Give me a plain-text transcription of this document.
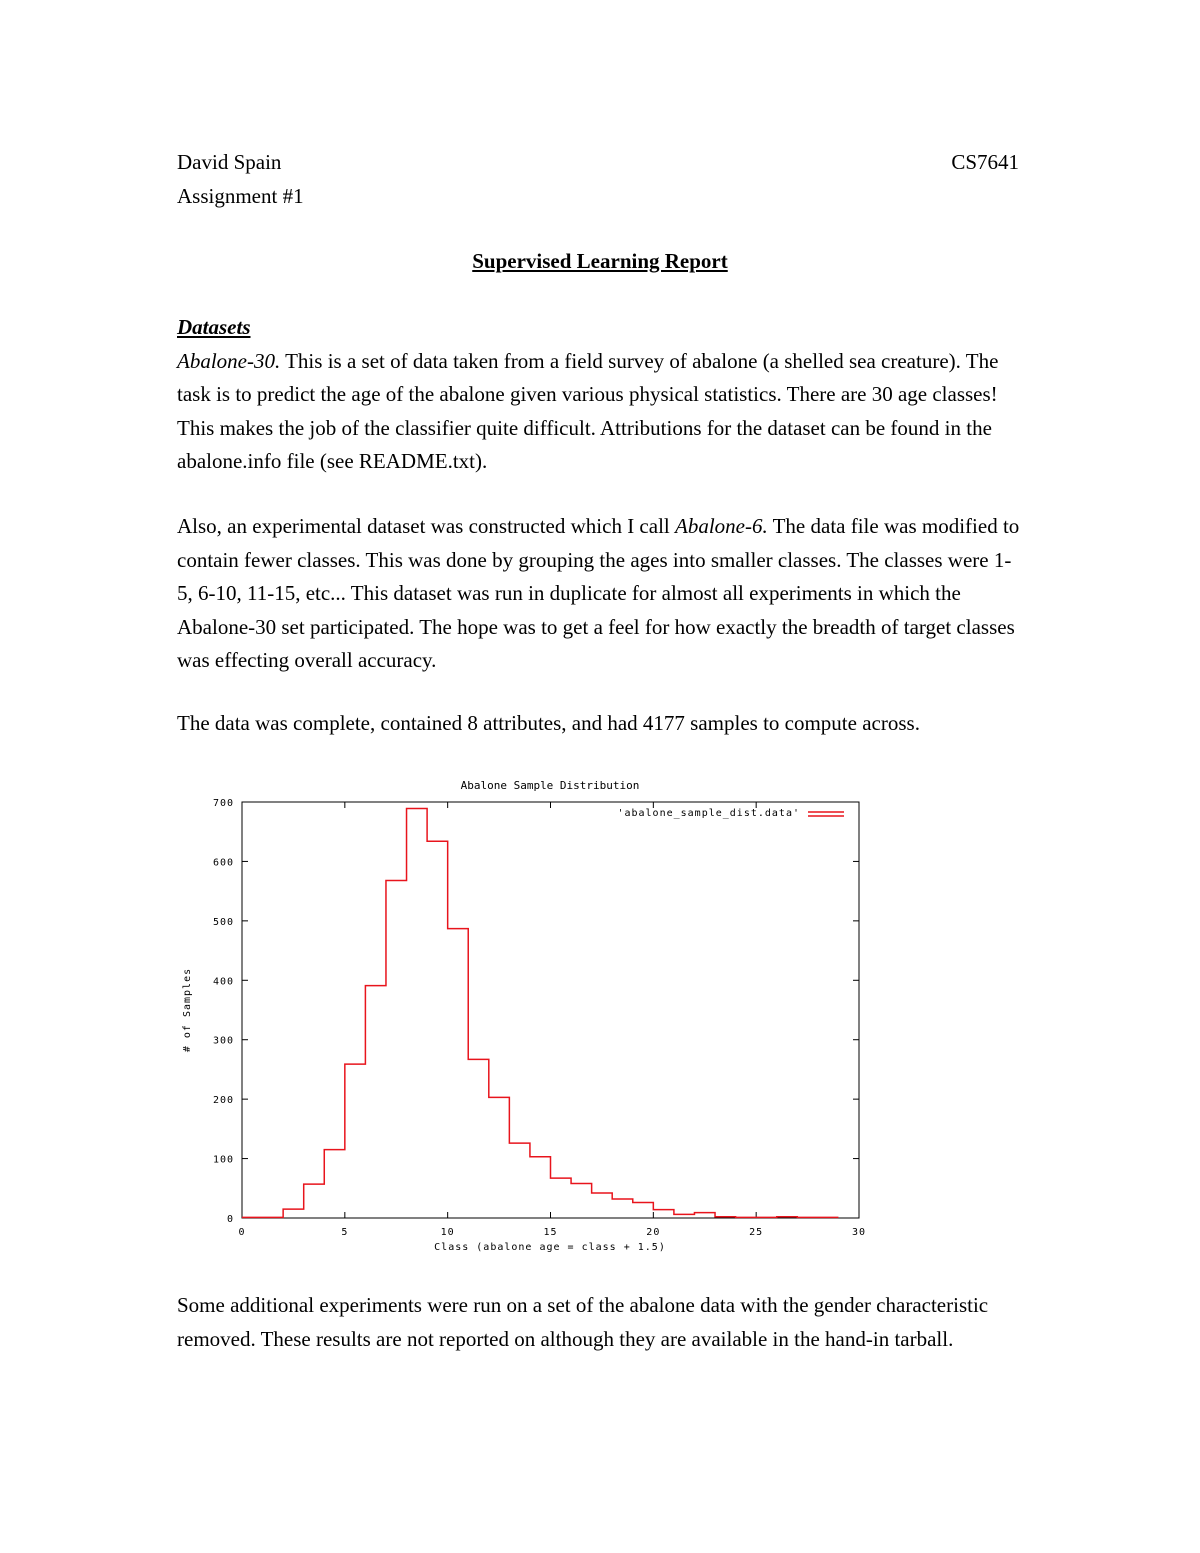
David Spain
Assignment #1
CS7641
Supervised Learning Report
Datasets

Abalone-30. This is a set of data taken from a field survey of abalone (a shelled sea creature). The task is to predict the age of the abalone given various physical statistics. There are 30 age classes! This makes the job of the classifier quite difficult. Attributions for the dataset can be found in the abalone.info file (see README.txt).

Also, an experimental dataset was constructed which I call Abalone-6. The data file was modified to contain fewer classes. This was done by grouping the ages into smaller classes. The classes were 1-5, 6-10, 11-15, etc... This dataset was run in duplicate for almost all experiments in which the Abalone-30 set participated. The hope was to get a feel for how exactly the breadth of target classes was effecting overall accuracy.

The data was complete, contained 8 attributes, and had 4177 samples to compute across.
Abalone Sample Distribution
0	5	10	15	20	25	30
0
100
200
300
400
500
600
700
Class (abalone age = class + 1.5)
# of Samples
'abalone_sample_dist.data'
Some additional experiments were run on a set of the abalone data with the gender characteristic removed. These results are not reported on although they are available in the hand-in tarball.
